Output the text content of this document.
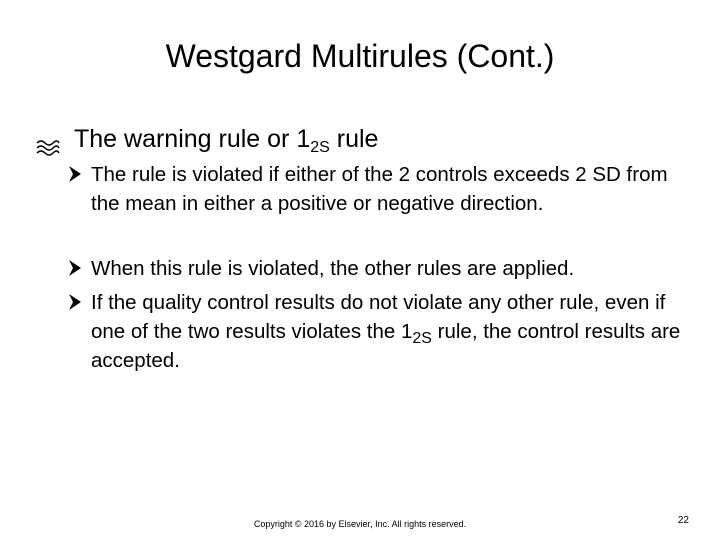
Westgard Multirules (Cont.)
The warning rule or $1_{2S}$ rule
The rule is violated if either of the 2 controls exceeds 2 SD from the mean in either a positive or negative direction.
When this rule is violated, the other rules are applied.
If the quality control results do not violate any other rule, even if one of the two results violates the $1_{2S}$ rule, the control results are accepted.
Copyright © 2016 by Elsevier, Inc. All rights reserved.	22
